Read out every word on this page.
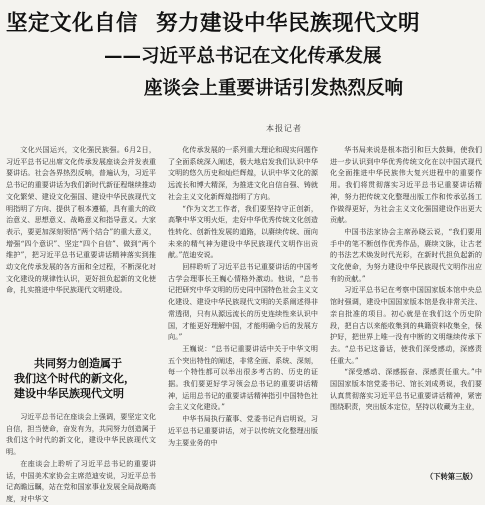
坚定文化自信 努力建设中华民族现代文明
——习近平总书记在文化传承发展
座谈会上重要讲话引发热烈反响
本报记者

文化兴国运兴，文化强民族强。6月2日，习近平总书记出席文化传承发展座谈会并发表重要讲话。社会各界热烈反响，普遍认为，习近平总书记的重要讲话为我们新时代新征程继续推动文化繁荣、建设文化强国、建设中华民族现代文明指明了方向、提供了根本遵循，具有重大的政治意义、思想意义、战略意义和指导意义。大家表示，要更加深刻领悟“两个结合”的重大意义，增强“四个意识”、坚定“四个自信”、做到“两个维护”，把习近平总书记重要讲话精神落实到推动文化传承发展的各方面和全过程，不断深化对文化建设的规律性认识，更好担负起新的文化使命，扎实推进中华民族现代文明建设。

共同努力创造属于
我们这个时代的新文化，
建设中华民族现代文明

习近平总书记在座谈会上强调，要坚定文化自信，担当使命，奋发有为，共同努力创造属于我们这个时代的新文化，建设中华民族现代文明。

在座谈会上聆听了习近平总书记的重要讲话，中国美术家协会主席范迪安说，习近平总书记高瞻远瞩，站在党和国家事业发展全局战略高度，对中华文

化传承发展的一系列重大理论和现实问题作了全面系统深入阐述，极大地启发我们认识中华文明的悠久历史和灿烂辉煌，认识中华文化的源远流长和博大精深，为推进文化自信自强、铸就社会主义文化新辉煌指明了方向。

“作为文艺工作者，我们要坚持守正创新，高擎中华文明火炬，走好中华优秀传统文化创造性转化、创新性发展的道路，以赓续传统、面向未来的精气神为建设中华民族现代文明作出贡献。”范迪安说。

回样聆听了习近平总书记重要讲话的中国考古学会理事长王巍心情格外激动。他说，“总书记把研究中华文明的历史同中国特色社会主义文化建设、建设中华民族现代文明的关系阐述得非常透彻，只有从源远流长的历史连续性来认识中国，才能更好理解中国，才能明确今后的发展方向。”

王巍说：“总书记重要讲话中关于中华文明五个突出特性的阐述，非常全面、系统、深刻，每一个特性都可以举出很多考古的、历史的证据。我们要更好学习领会总书记的重要讲话精神，运用总书记的重要讲话精神指引中国特色社会主义文化建设。”

中华书局执行董事、党委书记肖启明说，习近平总书记重要讲话，对于以传统文化整理出版为主要业务的中

华书局来说是根本指引和巨大鼓舞，使我们进一步认识到中华优秀传统文化在以中国式现代化全面推进中华民族伟大复兴进程中的重要作用。我们将贯彻落实习近平总书记重要讲话精神，努力把传统文化整理出版工作和传承弘扬工作做得更好，为社会主义文化强国建设作出更大贡献。

中国书法家协会主席孙晓云说，“我们要用手中的笔不断创作优秀作品，赓续文脉，让古老的书法艺术焕发时代光彩，在新时代担负起新的文化使命，为努力建设中华民族现代文明作出应有的贡献。”

习近平总书记在考察中国国家版本馆中央总馆时强调，建设中国国家版本馆是我非常关注、亲自批准的项目。初心就是在我们这个历史阶段，把自古以来能收集到的典籍资料收集全，保护好，把世界上唯一没有中断的文明继续传承下去。“总书记这番话，使我们深受感动，深感责任重大。”

“深受感动、深感振奋、深感责任重大。”中国国家版本馆党委书记、馆长刘成勇说，我们要认真贯彻落实习近平总书记重要讲话精神，紧密围绕职责，突出版本定位，坚持以收藏为主业，

（下转第三版）
